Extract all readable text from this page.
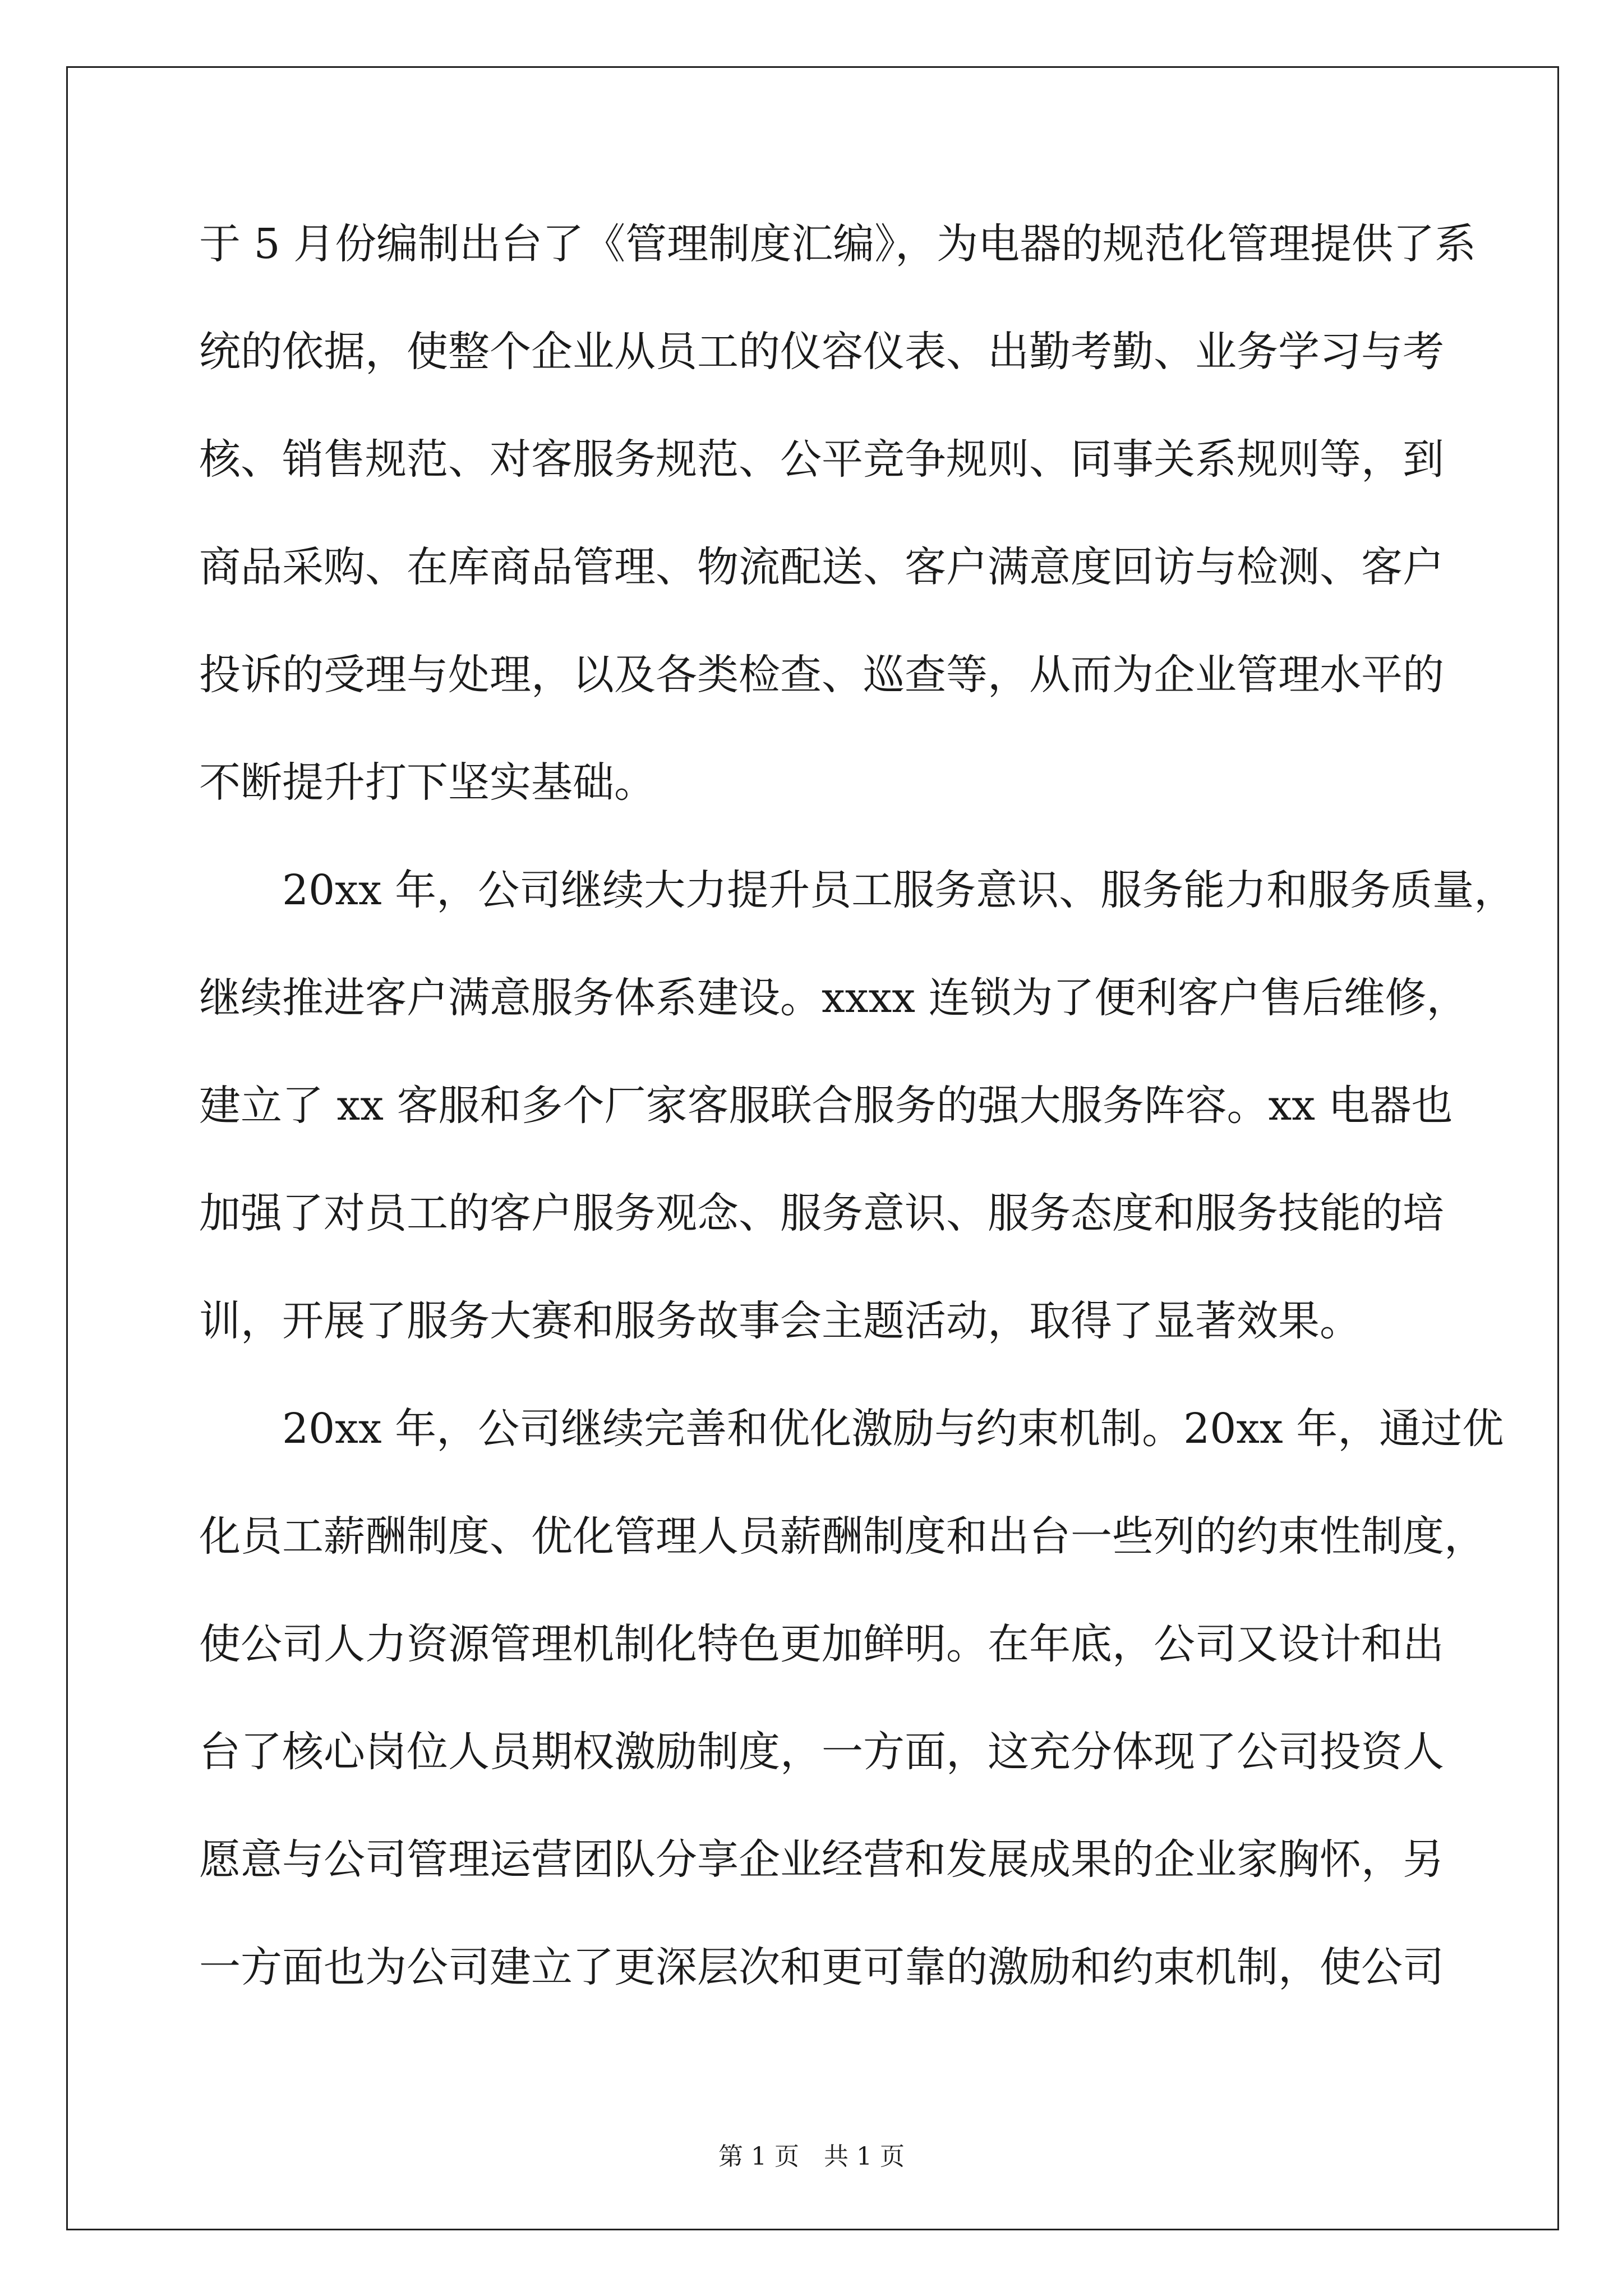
于 5 月份编制出台了《管理制度汇编》，为电器的规范化管理提供了系
统的依据，使整个企业从员工的仪容仪表、出勤考勤、业务学习与考
核、销售规范、对客服务规范、公平竞争规则、同事关系规则等，到
商品采购、在库商品管理、物流配送、客户满意度回访与检测、客户
投诉的受理与处理，以及各类检查、巡查等，从而为企业管理水平的
不断提升打下坚实基础。
20xx 年，公司继续大力提升员工服务意识、服务能力和服务质量，
继续推进客户满意服务体系建设。xxxx 连锁为了便利客户售后维修，
建立了 xx 客服和多个厂家客服联合服务的强大服务阵容。xx 电器也
加强了对员工的客户服务观念、服务意识、服务态度和服务技能的培
训，开展了服务大赛和服务故事会主题活动，取得了显著效果。
20xx 年，公司继续完善和优化激励与约束机制。20xx 年，通过优
化员工薪酬制度、优化管理人员薪酬制度和出台一些列的约束性制度，
使公司人力资源管理机制化特色更加鲜明。在年底，公司又设计和出
台了核心岗位人员期权激励制度，一方面，这充分体现了公司投资人
愿意与公司管理运营团队分享企业经营和发展成果的企业家胸怀，另
一方面也为公司建立了更深层次和更可靠的激励和约束机制，使公司
第 1 页　共 1 页
